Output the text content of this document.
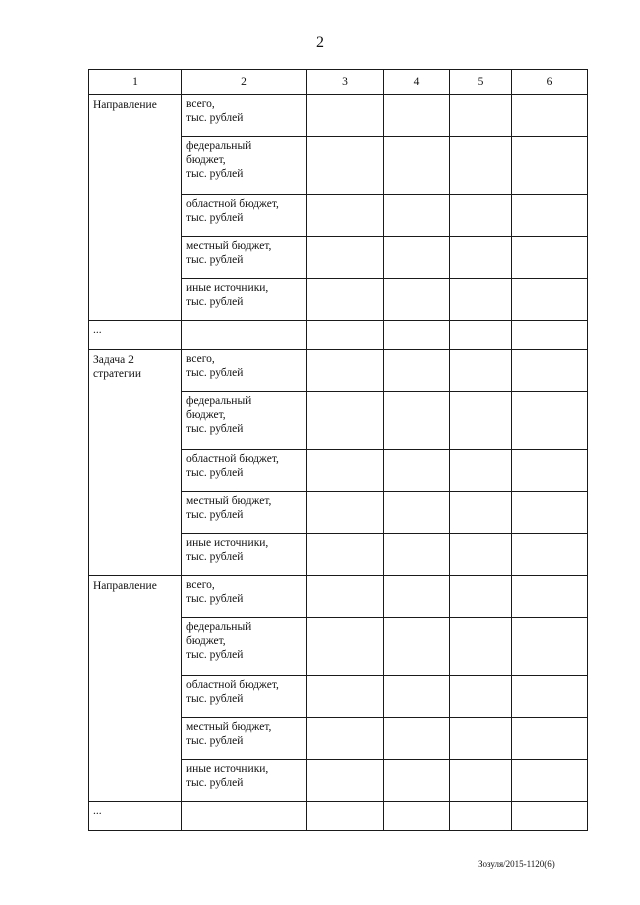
2
1	2	3	4	5	6
Направление	всего,
тыс. рублей				
	федеральный
бюджет,
тыс. рублей				
	областной бюджет,
тыс. рублей				
	местный бюджет,
тыс. рублей				
	иные источники,
тыс. рублей				
...					
Задача 2
стратегии	всего,
тыс. рублей				
	федеральный
бюджет,
тыс. рублей				
	областной бюджет,
тыс. рублей				
	местный бюджет,
тыс. рублей				
	иные источники,
тыс. рублей				
Направление	всего,
тыс. рублей				
	федеральный
бюджет,
тыс. рублей				
	областной бюджет,
тыс. рублей				
	местный бюджет,
тыс. рублей				
	иные источники,
тыс. рублей				
...					
Зозуля/2015-1120(6)
